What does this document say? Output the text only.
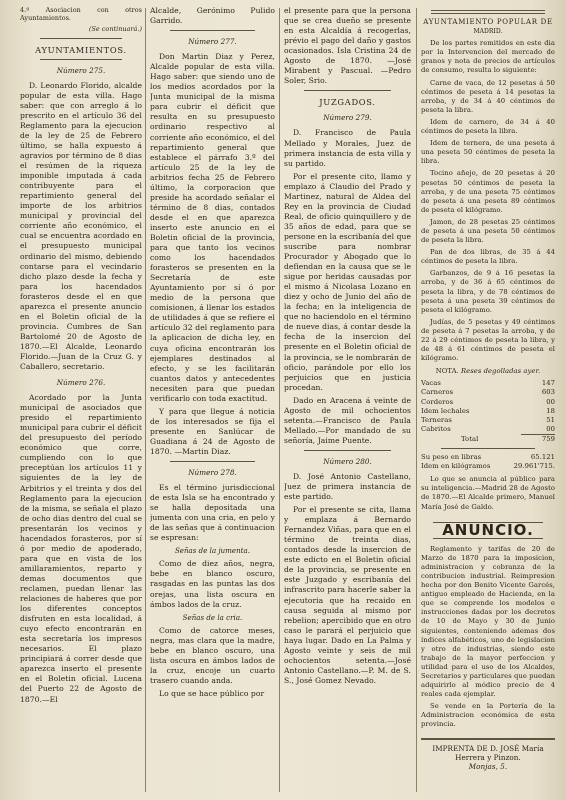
4.º Asociacion con otros Ayuntamientos.

(Se continuará.)

AYUNTAMIENTOS.
Número 275.

D. Leonardo Florido, alcalde popular de esta villa. Hago saber: que con arreglo á lo prescrito en el artículo 36 del Reglamento para la ejecucion de la ley de 25 de Febrero último, se halla expuesto á agravios por término de 8 dias el resúmen de la riqueza imponible imputada á cada contribuyente para el repartimiento general del importe de los arbitrios municipal y provincial del corriente año económico, el cual se encuentra acordado en el presupuesto municipal ordinario del mismo, debiendo contarse para el vecindario dicho plazo desde la fecha y para los hacendados forasteros desde el en que aparezca el presente anuncio en el Boletin oficial de la provincia. Cumbres de San Bartolomé 20 de Agosto de 1870.—El Alcalde, Leonardo Florido.—Juan de la Cruz G. y Caballero, secretario.

Número 276.

Acordado por la Junta municipal de asociados que presido el repartimiento municipal para cubrir el déficit del presupuesto del período económico que corre, cumpliendo con lo que preceptúan los artículos 11 y siguientes de la ley de Arbitrios y el treinta y dos del Reglamento para la ejecucion de la misma, se señala el plazo de ocho dias dentro del cual se presentarán los vecinos y hacendados forasteros, por sí ó por medio de apoderado, para que en vista de los amillaramientos, reparto y demas documentos que reclamen, puedan llenar las relaciones de haberes que por los diferentes conceptos disfruten en esta localidad, á cuyo efecto encontrarán en esta secretaría los impresos necesarios. El plazo principiará á correr desde que aparezca inserto el presente en el Boletin oficial. Lucena del Puerto 22 de Agosto de 1870.—El

Alcalde, Gerónimo Pulido Garrido.

Número 277.

Don Martin Diaz y Perez, Alcalde popular de esta villa. Hago saber: que siendo uno de los medios acordados por la Junta municipal de la misma para cubrir el déficit que resulta en su presupuesto ordinario respectivo al corriente año económico, el del repartimiento general que establece el párrafo 3.º del artículo 25 de la ley de arbitrios fecha 25 de Febrero último, la corporacion que preside ha acordado señalar el término de 8 dias, contados desde el en que aparezca inserto este anuncio en el Boletin oficial de la provincia, para que tanto los vecinos como los hacendados forasteros se presenten en la Secretaría de este Ayuntamiento por sí ó por medio de la persona que comisionen, á llenar los estados de utilidades á que se refiere el artículo 32 del reglamento para la aplicacion de dicha ley, en cuya oficina encontrarán los ejemplares destinados al efecto, y se les facilitarán cuantos datos y antecedentes necesiten para que puedan verificarlo con toda exactitud.

Y para que llegue á noticia de los interesados se fija el presente en Sanlúcar de Guadiana á 24 de Agosto de 1870. —Martin Diaz.

Número 278.

Es el término jurisdiccional de esta Isla se ha encontrado y se halla depositada una jumenta con una cria, en pelo y de las señas que á continuacion se espresan:

Señas de la jumenta.

Como de diez años, negra, bebe en blanco oscuro, rasgadas en las puntas las dos orejas, una lista oscura en ámbos lados de la cruz.

Señas de la cria.

Como de catorce meses, negra, mas clara que la madre, bebe en blanco oscuro, una lista oscura en ámbos lados de la cruz, encoje un cuarto trasero cuando anda.

Lo que se hace público por

el presente para que la persona que se crea dueño se presente en esta Alcaldía á recogerlas, prévio el pago del daño y gastos ocasionados. Isla Cristina 24 de Agosto de 1870. —José Mirabent y Pascual. —Pedro Soler, Srio.

JUZGADOS.
Número 279.

D. Francisco de Paula Mellado y Morales, Juez de primera instancia de esta villa y su partido.

Por el presente cito, llamo y emplazo á Claudio del Prado y Martinez, natural de Aldea del Rey en la provincia de Ciudad Real, de oficio quinquillero y de 35 años de edad, para que se persone en la escribanía del que suscribe para nombrar Procurador y Abogado que lo defiendan en la causa que se le sigue por heridas causadas por el mismo á Nicolasa Lozano en diez y ocho de Junio del año de la fecha; en la inteligencia de que no haciendolo en el término de nueve dias, á contar desde la fecha de la insercion del presente en el Boletin oficial de la provincia, se le nombrarán de oficio, parándole por ello los perjuicios que en justicia procedan.

Dado en Aracena á veinte de Agosto de mil ochocientos setenta.—Francisco de Paula Mellado.—Por mandado de su señoría, Jaime Puente.

Número 280.

D. José Antonio Castellano, Juez de primera instancia de este partido.

Por el presente se cita, llama y emplaza á Bernardo Fernandez Viñas, para que en el término de treinta dias, contados desde la insercion de este edicto en el Boletin oficial de la provincia, se presente en este Juzgado y escribanía del infrascrito para hacerle saber la ejecutoria que ha recaido en causa seguida al mismo por rebelion; apercibido que en otro caso le parará el perjuicio que haya lugar. Dado en La Palma y Agosto veinte y seis de mil ochocientos setenta.—José Antonio Castellano.—P. M. de S. S., José Gomez Nevado.

AYUNTAMIENTO POPULAR DE
MADRID.

De los partes remitidos en este dia por la Intervencion del mercado de granos y nota de precios de artículos de consumo, resulta lo siguiente:

Carne de vaca, de 12 pesetas á 50 céntimos de peseta á 14 pesetas la arroba, y de 34 á 40 céntimos de peseta la libra.

Idem de carnero, de 34 á 40 céntimos de peseta la libra.

Idem de ternera, de una peseta á una peseta 50 céntimos de peseta la libra.

Tocino añejo, de 20 pesetas á 20 pesetas 50 céntimos de peseta la arroba, y de una peseta 75 céntimos de peseta á una peseta 89 céntimos de peseta el kilógramo.

Jamon, de 28 pesetas 25 céntimos de peseta á una peseta 50 céntimos de peseta la libra.

Pan de dos libras, de 35 á 44 céntimos de peseta la libra.

Garbanzos, de 9 á 16 pesetas la arroba, y de 36 á 65 céntimos de peseta la libra, y de 78 céntimos de peseta á una peseta 39 céntimos de peseta el kilógramo.

Judías, de 5 pesetas y 49 céntimos de peseta á 7 pesetas la arroba, y de 22 á 29 céntimos de peseta la libra, y de 48 á 61 céntimos de peseta el kilógramo.

NOTA. Reses degolladas ayer.

Vacas	147
Carneros	603
Corderos	00
Idem lechales	18
Terneras	51
Cabritos	00
Total	759
Su peso en libras	65.121
Idem en kilógramos	29.961'715.

Lo que se anuncia al público para su inteligencia.—Madrid 28 de Agosto de 1870.—El Alcalde primero, Manuel María José de Galdo.

ANUNCIO.

Reglamento y tarifas de 20 de Marzo de 1870 para la imposicion, administracion y cobranza de la contribucion industrial. Reimpresion hecha por don Benito Vicente Garcés, antiguo empleado de Hacienda, en la que se comprende los modelos e instrucciones dadas por los decretos de 10 de Mayo y 30 de Junio siguientes, conteniendo ademas dos índices alfabéticos, uno de legislacion y otro de industrias, siendo este trabajo de la mayor perfeccion y utilidad para el uso de los Alcaldes, Secretarios y particulares que puedan adquirirlo al módico precio de 4 reales cada ejemplar.

Se vende en la Portería de la Administracion económica de esta provincia.

IMPRENTA DE D. JOSÉ María Herrera y Pinzon.
Monjas, 5.
